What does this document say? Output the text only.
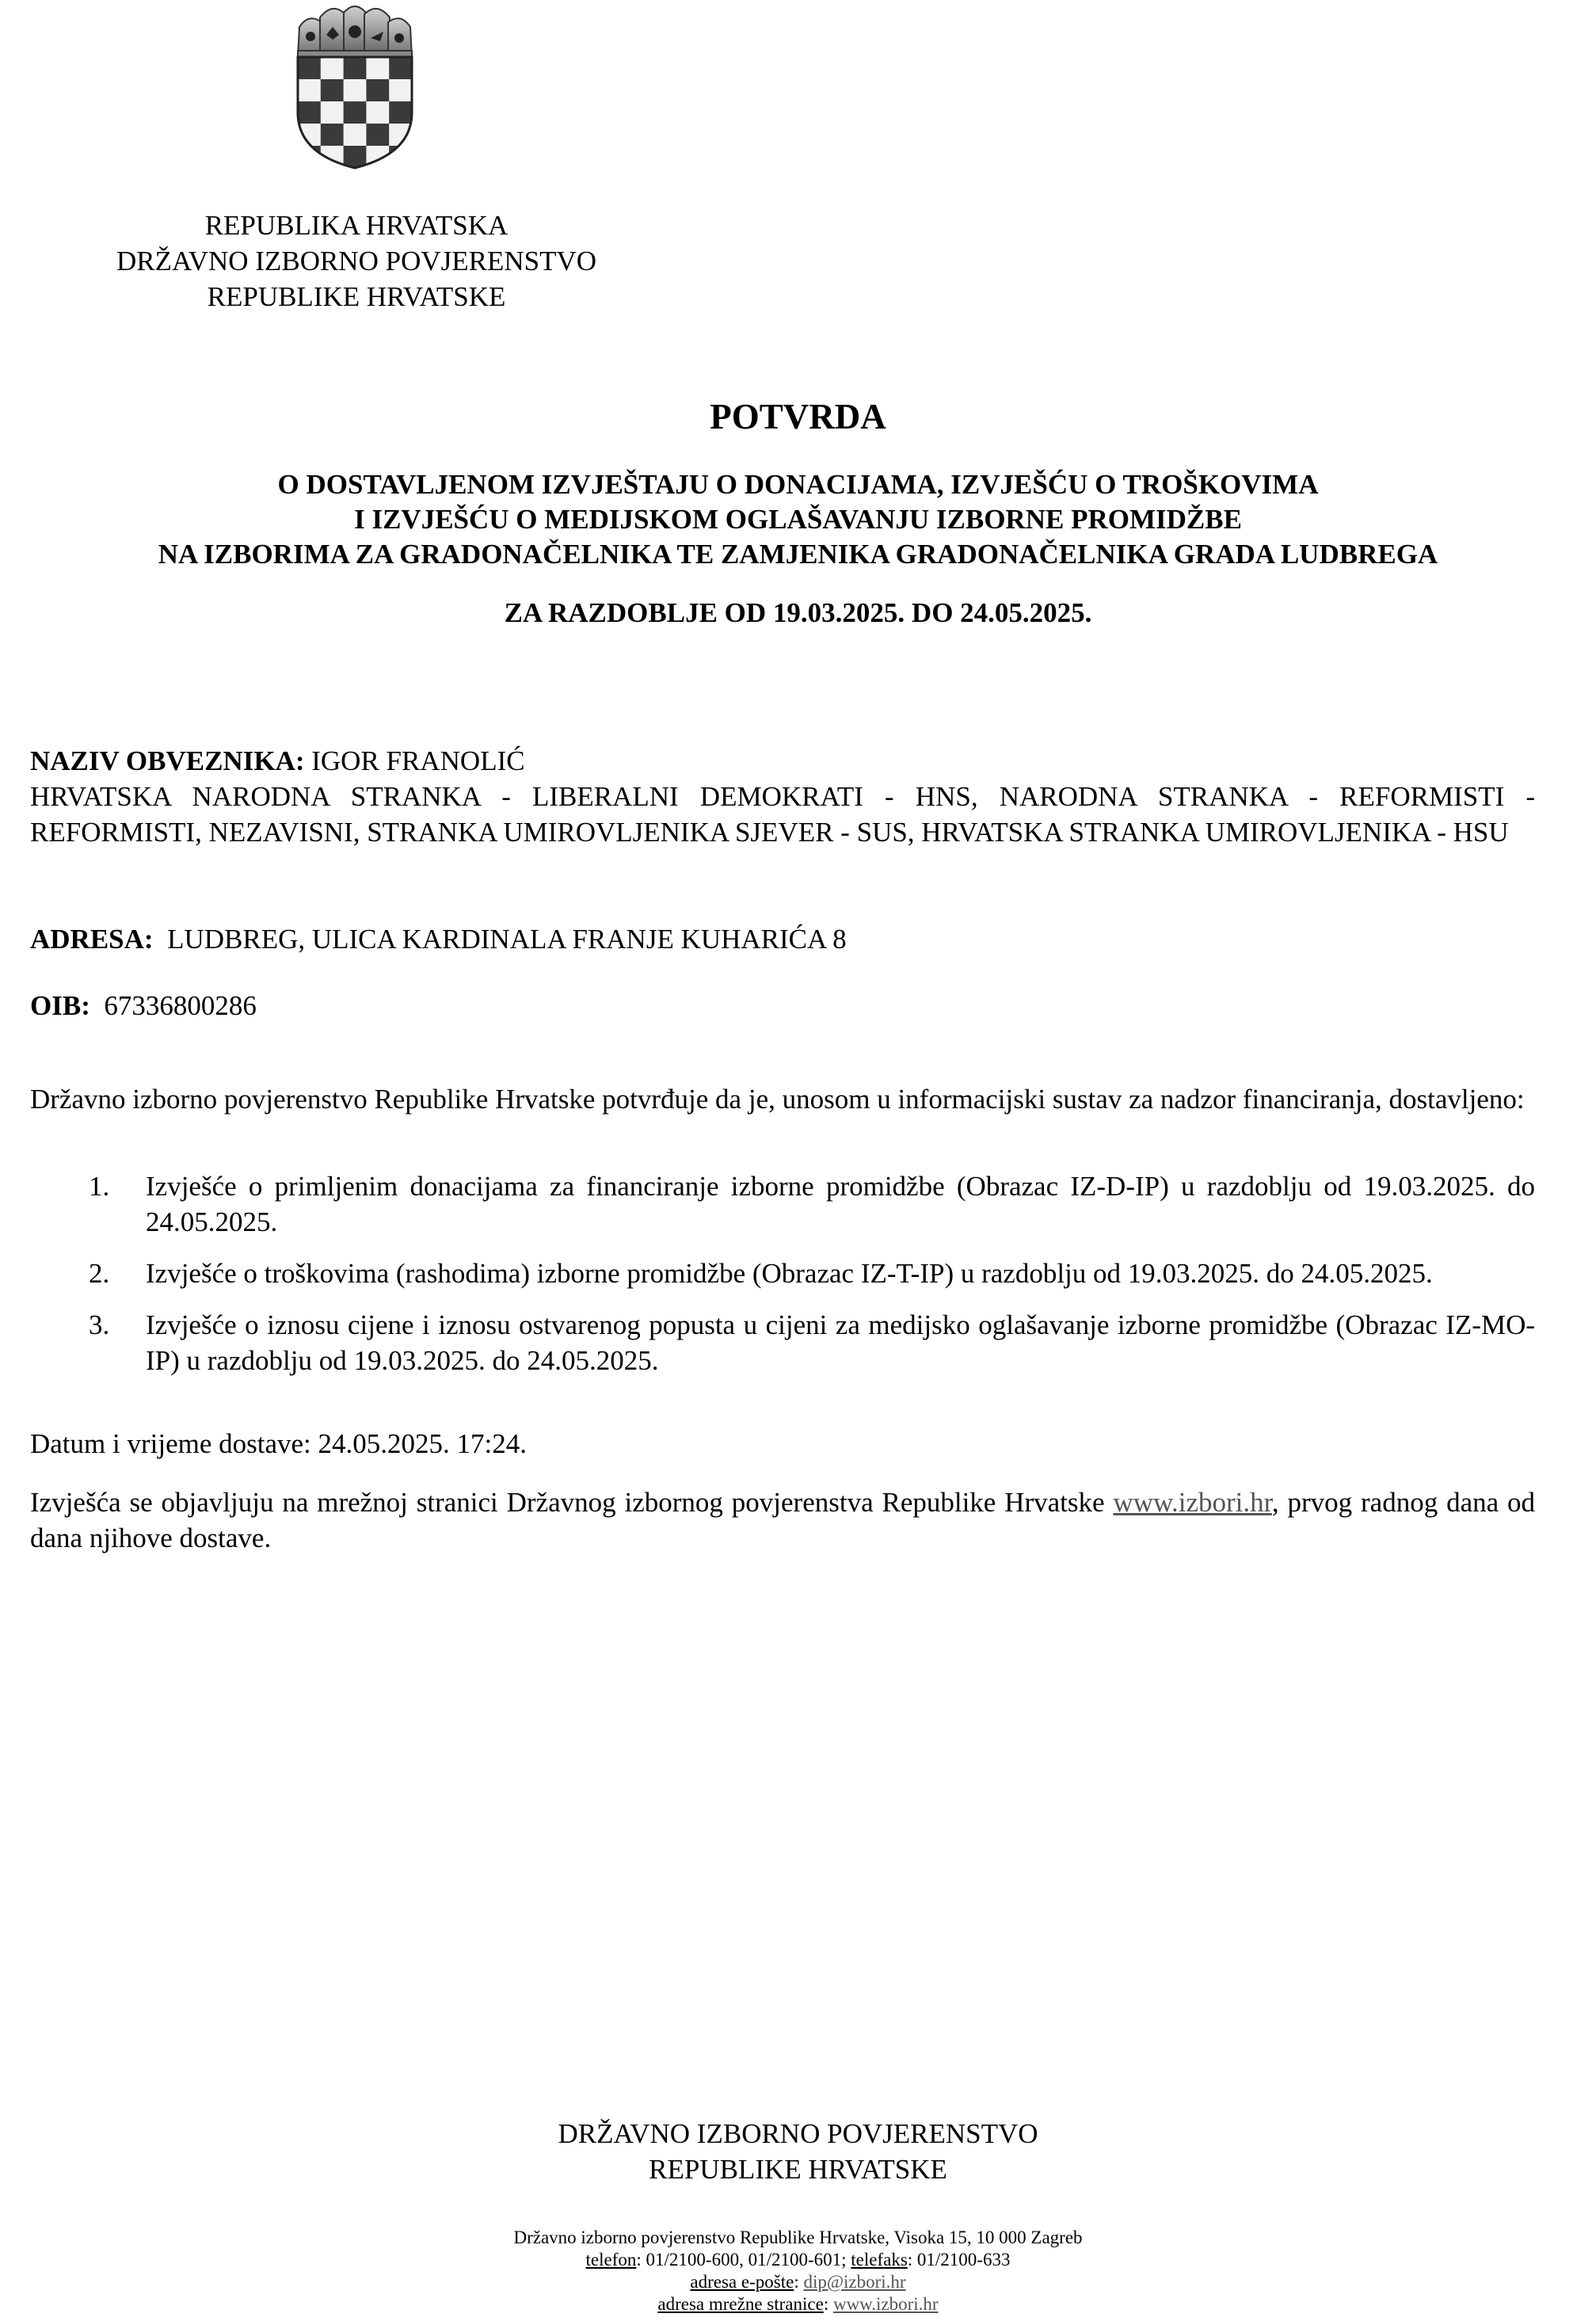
REPUBLIKA HRVATSKA
DRŽAVNO IZBORNO POVJERENSTVO
REPUBLIKE HRVATSKE
POTVRDA
O DOSTAVLJENOM IZVJEŠTAJU O DONACIJAMA, IZVJEŠĆU O TROŠKOVIMA
I IZVJEŠĆU O MEDIJSKOM OGLAŠAVANJU IZBORNE PROMIDŽBE
NA IZBORIMA ZA GRADONAČELNIKA TE ZAMJENIKA GRADONAČELNIKA GRADA LUDBREGA
ZA RAZDOBLJE OD 19.03.2025. DO 24.05.2025.
NAZIV OBVEZNIKA: IGOR FRANOLIĆ
HRVATSKA NARODNA STRANKA - LIBERALNI DEMOKRATI - HNS, NARODNA STRANKA - REFORMISTI - REFORMISTI, NEZAVISNI, STRANKA UMIROVLJENIKA SJEVER - SUS, HRVATSKA STRANKA UMIROVLJENIKA - HSU
ADRESA: LUDBREG, ULICA KARDINALA FRANJE KUHARIĆA 8
OIB: 67336800286
Državno izborno povjerenstvo Republike Hrvatske potvrđuje da je, unosom u informacijski sustav za nadzor financiranja, dostavljeno:
1. Izvješće o primljenim donacijama za financiranje izborne promidžbe (Obrazac IZ-D-IP) u razdoblju od 19.03.2025. do 24.05.2025.
2. Izvješće o troškovima (rashodima) izborne promidžbe (Obrazac IZ-T-IP) u razdoblju od 19.03.2025. do 24.05.2025.
3. Izvješće o iznosu cijene i iznosu ostvarenog popusta u cijeni za medijsko oglašavanje izborne promidžbe (Obrazac IZ-MO-IP) u razdoblju od 19.03.2025. do 24.05.2025.
Datum i vrijeme dostave: 24.05.2025. 17:24.
Izvješća se objavljuju na mrežnoj stranici Državnog izbornog povjerenstva Republike Hrvatske www.izbori.hr, prvog radnog dana od dana njihove dostave.
DRŽAVNO IZBORNO POVJERENSTVO
REPUBLIKE HRVATSKE
Državno izborno povjerenstvo Republike Hrvatske, Visoka 15, 10 000 Zagreb
telefon: 01/2100-600, 01/2100-601; telefaks: 01/2100-633
adresa e-pošte: dip@izbori.hr
adresa mrežne stranice: www.izbori.hr
